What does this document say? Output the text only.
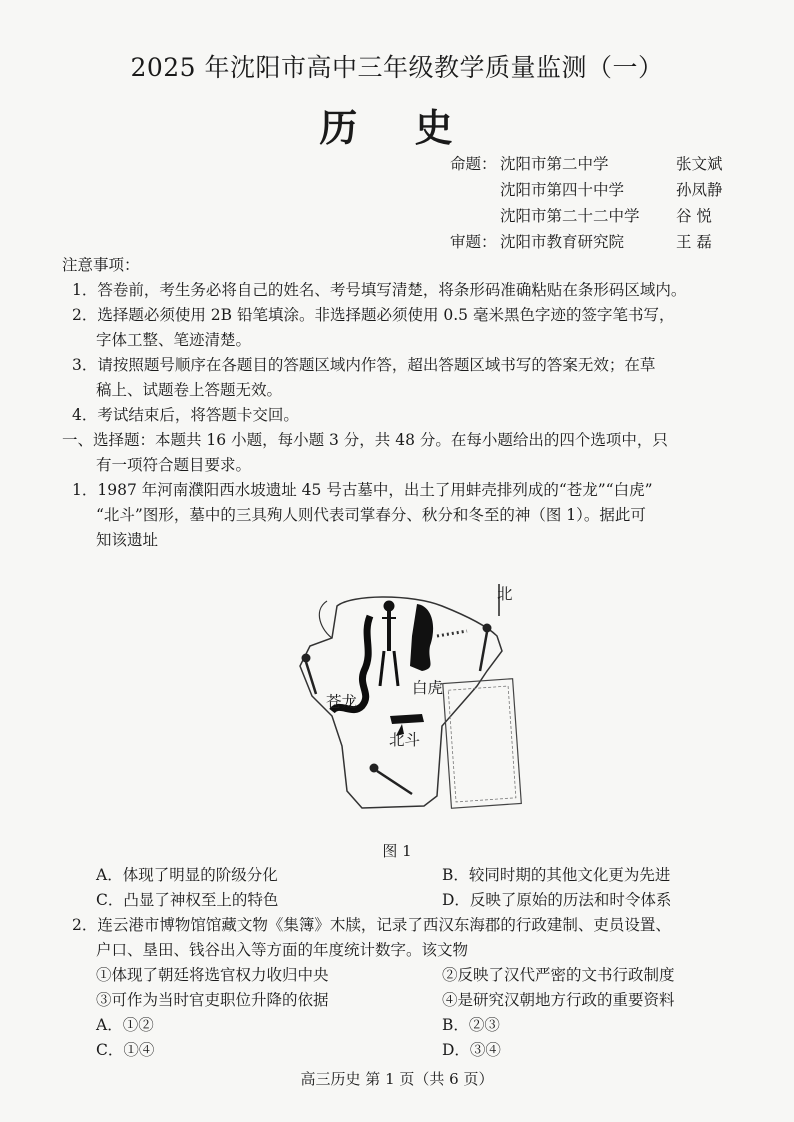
2025 年沈阳市高中三年级教学质量监测（一）
历 史
命题： 沈阳市第二中学	张文斌
沈阳市第四十中学	孙凤静
沈阳市第二十二中学 谷 悦
审题： 沈阳市教育研究院	王 磊
注意事项：
1．答卷前，考生务必将自己的姓名、考号填写清楚，将条形码准确粘贴在条形码区域内。
2．选择题必须使用 2B 铅笔填涂。非选择题必须使用 0.5 毫米黑色字迹的签字笔书写，
字体工整、笔迹清楚。
3．请按照题号顺序在各题目的答题区域内作答，超出答题区域书写的答案无效；在草
稿上、试题卷上答题无效。
4．考试结束后，将答题卡交回。
一、选择题：本题共 16 小题，每小题 3 分，共 48 分。在每小题给出的四个选项中，只
有一项符合题目要求。
1．1987 年河南濮阳西水坡遗址 45 号古墓中，出土了用蚌壳排列成的“苍龙”“白虎”
“北斗”图形，墓中的三具殉人则代表司掌春分、秋分和冬至的神（图 1）。据此可
知该遗址
北
苍龙
白虎
北斗
图 1
A．体现了明显的阶级分化	B．较同时期的其他文化更为先进
C．凸显了神权至上的特色	D．反映了原始的历法和时令体系
2．连云港市博物馆馆藏文物《集簿》木牍，记录了西汉东海郡的行政建制、吏员设置、
户口、垦田、钱谷出入等方面的年度统计数字。该文物
①体现了朝廷将选官权力收归中央	②反映了汉代严密的文书行政制度
③可作为当时官吏职位升降的依据	④是研究汉朝地方行政的重要资料
A．①②	B．②③
C．①④	D．③④
高三历史 第 1 页（共 6 页）
